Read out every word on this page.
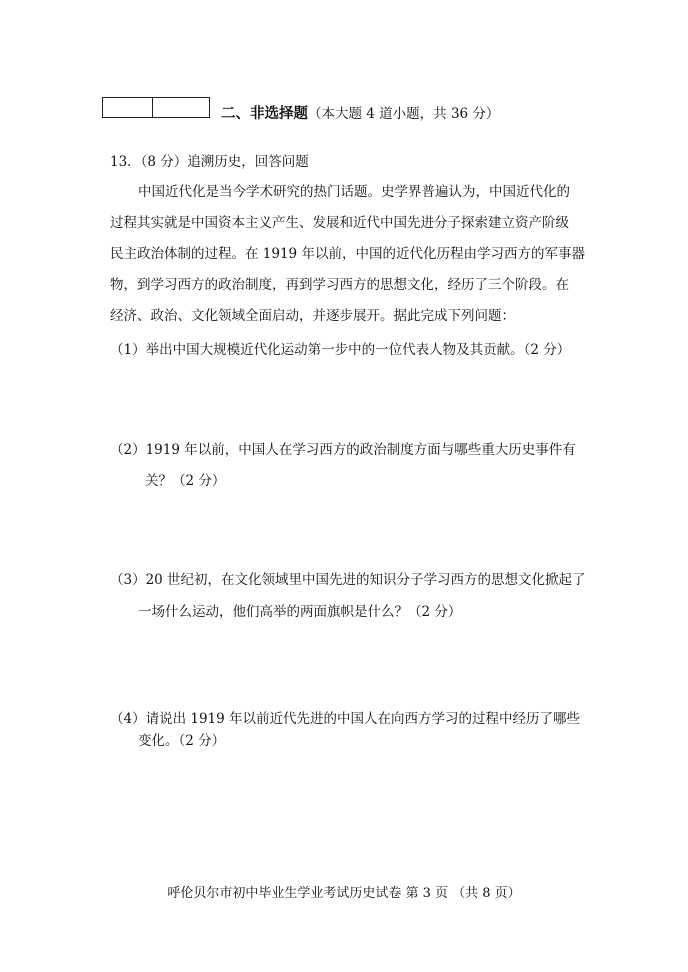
二、非选择题（本大题 4 道小题，共 36 分）
13．（8 分）追溯历史，回答问题
中国近代化是当今学术研究的热门话题。史学界普遍认为，中国近代化的
过程其实就是中国资本主义产生、发展和近代中国先进分子探索建立资产阶级
民主政治体制的过程。在 1919 年以前，中国的近代化历程由学习西方的军事器
物，到学习西方的政治制度，再到学习西方的思想文化，经历了三个阶段。在
经济、政治、文化领域全面启动，并逐步展开。据此完成下列问题：
（1）举出中国大规模近代化运动第一步中的一位代表人物及其贡献。（2 分）
（2）1919 年以前，中国人在学习西方的政治制度方面与哪些重大历史事件有
关？（2 分）
（3）20 世纪初，在文化领域里中国先进的知识分子学习西方的思想文化掀起了
一场什么运动，他们高举的两面旗帜是什么？（2 分）
（4）请说出 1919 年以前近代先进的中国人在向西方学习的过程中经历了哪些
变化。（2 分）
呼伦贝尔市初中毕业生学业考试历史试卷 第 3 页 （共 8 页）
